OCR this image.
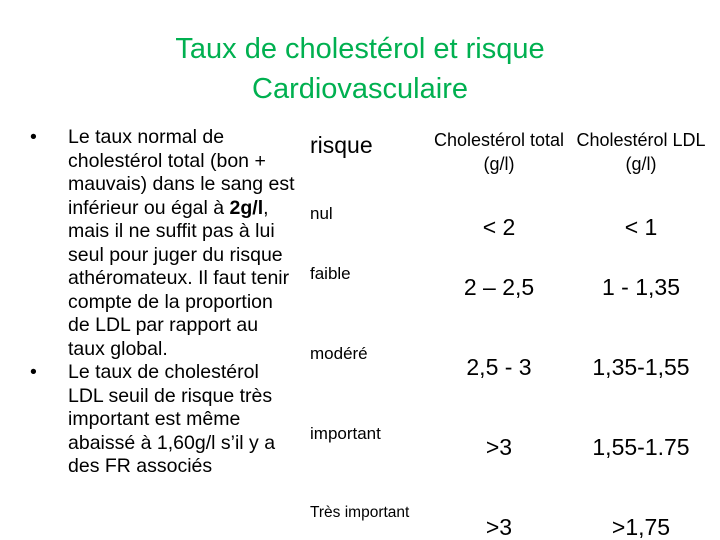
Taux de cholestérol et risque
Cardiovasculaire
• Le taux normal de cholestérol total (bon + mauvais) dans le sang est inférieur ou égal à 2g/l, mais il ne suffit pas à lui seul pour juger du risque athéromateux. Il faut tenir compte de la proportion de LDL par rapport au taux global.
• Le taux de cholestérol LDL seuil de risque très important est même abaissé à 1,60g/l s’il y a des FR associés
risque	Cholestérol total (g/l)	Cholestérol LDL (g/l)
nul	< 2	< 1
faible	2 – 2,5	1 - 1,35
modéré	2,5 - 3	1,35-1,55
important	>3	1,55-1.75
Très important	>3	>1,75
